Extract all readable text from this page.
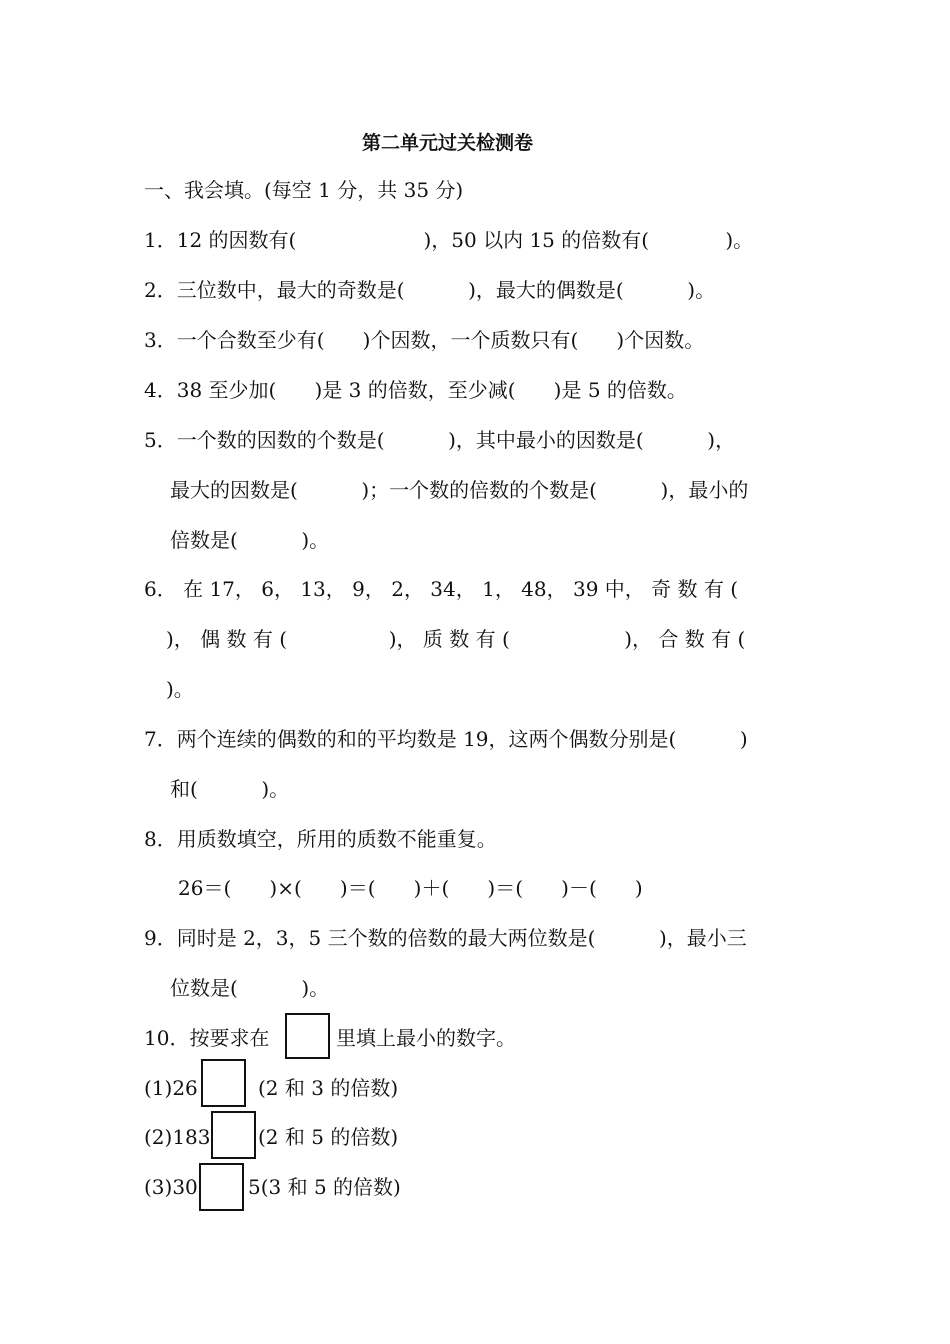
第二单元过关检测卷
一、我会填。(每空 1 分，共 35 分)
1．12 的因数有(                    )，50 以内 15 的倍数有(            )。
2．三位数中，最大的奇数是(          )，最大的偶数是(          )。
3．一个合数至少有(      )个因数，一个质数只有(      )个因数。
4．38 至少加(      )是 3 的倍数，至少减(      )是 5 的倍数。
5．一个数的因数的个数是(          )，其中最小的因数是(          )，
最大的因数是(          )；一个数的倍数的个数是(          )，最小的
倍数是(          )。
6． 在 17， 6， 13， 9， 2， 34， 1， 48， 39 中， 奇 数 有 (
)， 偶 数 有 (                )， 质 数 有 (                  )， 合 数 有 (
)。
7．两个连续的偶数的和的平均数是 19，这两个偶数分别是(          )
和(          )。
8．用质数填空，所用的质数不能重复。
26＝(      )×(      )＝(      )＋(      )＝(      )－(      )
9．同时是 2，3，5 三个数的倍数的最大两位数是(          )，最小三
位数是(          )。
10．按要求在	里填上最小的数字。
(1)26	(2 和 3 的倍数)
(2)183 (2 和 5 的倍数)
(3)30	5(3 和 5 的倍数)
